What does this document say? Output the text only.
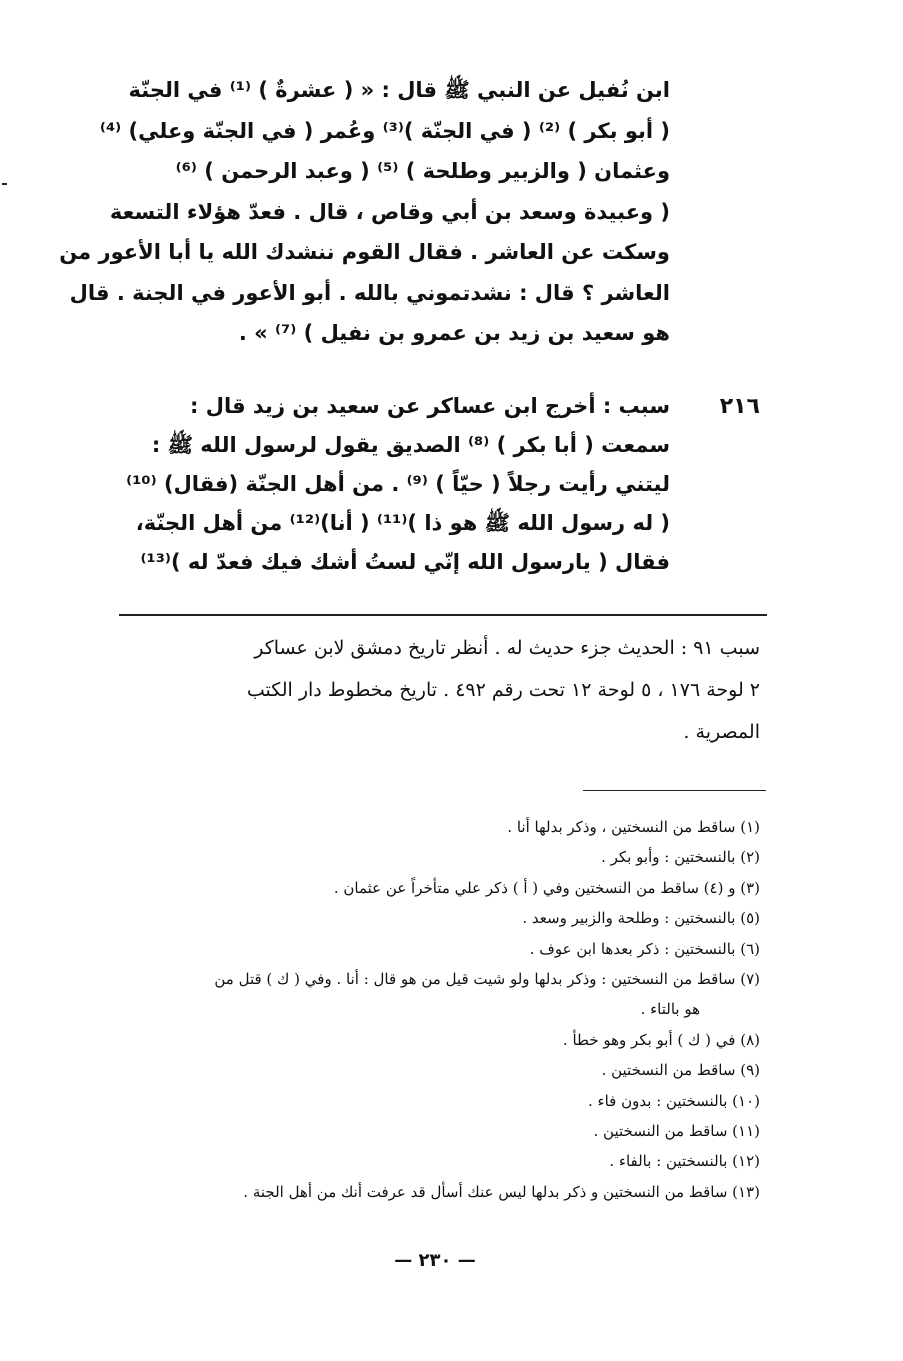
ابن نُفيل عن النبي ﷺ قال : « ( عشرةٌ ) ⁽¹⁾ في الجنّة
( أبو بكر ) ⁽²⁾ ( في الجنّة )⁽³⁾ وعُمر ( في الجنّة وعلي) ⁽⁴⁾
وعثمان ( والزبير وطلحة ) ⁽⁵⁾ ( وعبد الرحمن ) ⁽⁶⁾
( وعبيدة وسعد بن أبي وقاص ، قال . فعدّ هؤلاء التسعة
وسكت عن العاشر . فقال القوم ننشدك الله يا أبا الأعور من
العاشر ؟ قال : نشدتموني بالله . أبو الأعور في الجنة . قال
هو سعيد بن زيد بن عمرو بن نفيل ) ⁽⁷⁾ » .
٢١٦
سبب : أخرج ابن عساكر عن سعيد بن زيد قال :
سمعت ( أبا بكر ) ⁽⁸⁾ الصديق يقول لرسول الله ﷺ :
ليتني رأيت رجلاً ( حيّاً ) ⁽⁹⁾ . من أهل الجنّة (فقال) ⁽¹⁰⁾
( له رسول الله ﷺ هو ذا )⁽¹¹⁾ ( أنا)⁽¹²⁾ من أهل الجنّة،
فقال ( يارسول الله إنّي لستُ أشك فيك فعدّ له )⁽¹³⁾
سبب ٩١ : الحديث جزء حديث له . أنظر تاريخ دمشق لابن عساكر
٢ لوحة ١٧٦ ، ٥ لوحة ١٢ تحت رقم ٤٩٢ . تاريخ مخطوط دار الكتب
المصرية .
(١) ساقط من النسختين ، وذكر بدلها أنا .
(٢) بالنسختين : وأبو بكر .
(٣) و (٤) ساقط من النسختين وفي ( أ ) ذكر علي متأخراً عن عثمان .
(٥) بالنسختين : وطلحة والزبير وسعد .
(٦) بالنسختين : ذكر بعدها ابن عوف .
(٧) ساقط من النسختين : وذكر بدلها ولو شيت قيل من هو قال : أنا . وفي ( ك ) قتل من
هو بالتاء .
(٨) في ( ك ) أبو بكر وهو خطأ .
(٩) ساقط من النسختين .
(١٠) بالنسختين : بدون فاء .
(١١) ساقط من النسختين .
(١٢) بالنسختين : بالفاء .
(١٣) ساقط من النسختين و ذكر بدلها ليس عنك أسأل قد عرفت أنك من أهل الجنة .
— ٢٣٠ —
